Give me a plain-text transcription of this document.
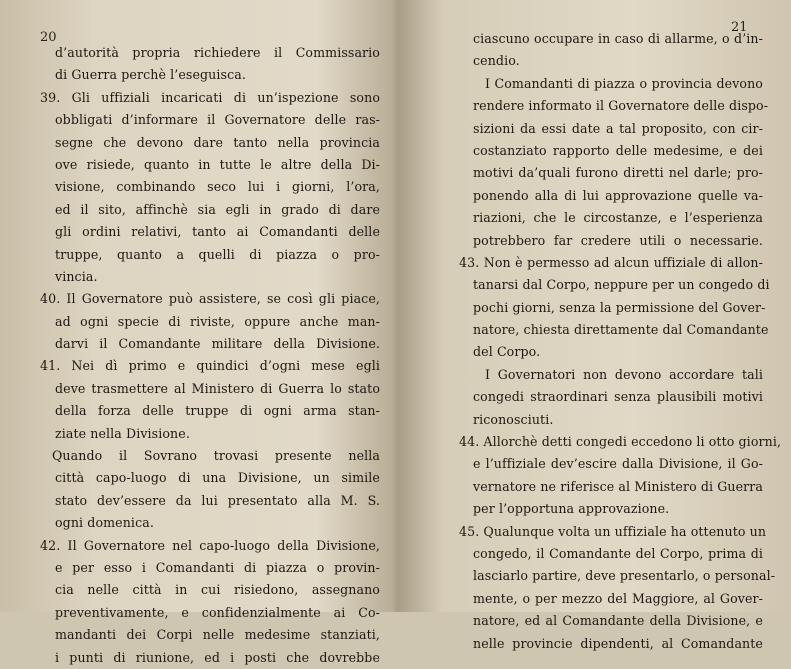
20
d’autorità propria richiedere il Commissario
di Guerra perchè l’eseguisca.
39. Gli uffiziali incaricati di un’ispezione sono
obbligati d’informare il Governatore delle ras-
segne che devono dare tanto nella provincia
ove risiede, quanto in tutte le altre della Di-
visione, combinando seco lui i giorni, l’ora,
ed il sito, affinchè sia egli in grado di dare
gli ordini relativi, tanto ai Comandanti delle
truppe, quanto a quelli di piazza o pro-
vincia.
40. Il Governatore può assistere, se così gli piace,
ad ogni specie di riviste, oppure anche man-
darvi il Comandante militare della Divisione.
41. Nei dì primo e quindici d’ogni mese egli
deve trasmettere al Ministero di Guerra lo stato
della forza delle truppe di ogni arma stan-
ziate nella Divisione.
Quando il Sovrano trovasi presente nella
città capo-luogo di una Divisione, un simile
stato dev’essere da lui presentato alla M. S.
ogni domenica.
42. Il Governatore nel capo-luogo della Divisione,
e per esso i Comandanti di piazza o provin-
cia nelle città in cui risiedono, assegnano
preventivamente, e confidenzialmente ai Co-
mandanti dei Corpi nelle medesime stanziati,
i punti di riunione, ed i posti che dovrebbe
21
ciascuno occupare in caso di allarme, o d’in-
cendio.
I Comandanti di piazza o provincia devono
rendere informato il Governatore delle dispo-
sizioni da essi date a tal proposito, con cir-
costanziato rapporto delle medesime, e dei
motivi da’quali furono diretti nel darle; pro-
ponendo alla di lui approvazione quelle va-
riazioni, che le circostanze, e l’esperienza
potrebbero far credere utili o necessarie.
43. Non è permesso ad alcun uffiziale di allon-
tanarsi dal Corpo, neppure per un congedo di
pochi giorni, senza la permissione del Gover-
natore, chiesta direttamente dal Comandante
del Corpo.
I Governatori non devono accordare tali
congedi straordinari senza plausibili motivi
riconosciuti.
44. Allorchè detti congedi eccedono li otto giorni,
e l’uffiziale dev’escire dalla Divisione, il Go-
vernatore ne riferisce al Ministero di Guerra
per l’opportuna approvazione.
45. Qualunque volta un uffiziale ha ottenuto un
congedo, il Comandante del Corpo, prima di
lasciarlo partire, deve presentarlo, o personal-
mente, o per mezzo del Maggiore, al Gover-
natore, ed al Comandante della Divisione, e
nelle provincie dipendenti, al Comandante
